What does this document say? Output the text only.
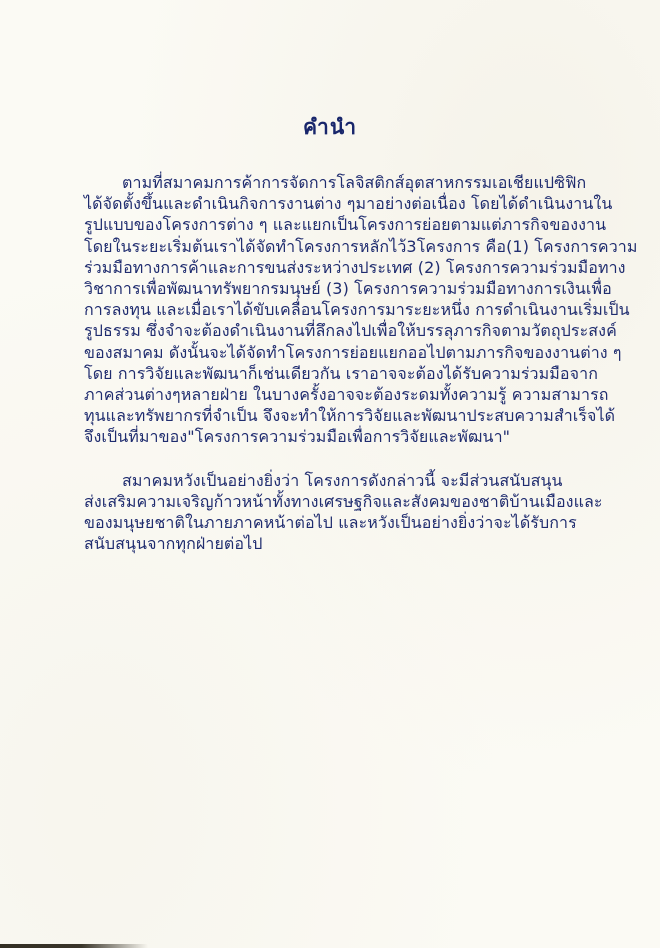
คำนำ
ตามที่สมาคมการค้าการจัดการโลจิสติกส์อุตสาหกรรมเอเชียแปซิฟิก
ได้จัดตั้งขึ้นและดำเนินกิจการงานต่าง ๆมาอย่างต่อเนื่อง โดยได้ดำเนินงานใน
รูปแบบของโครงการต่าง ๆ และแยกเป็นโครงการย่อยตามแต่ภารกิจของงาน
โดยในระยะเริ่มต้นเราได้จัดทำโครงการหลักไว้3โครงการ คือ(1) โครงการความ
ร่วมมือทางการค้าและการขนส่งระหว่างประเทศ (2) โครงการความร่วมมือทาง
วิชาการเพื่อพัฒนาทรัพยากรมนุษย์ (3) โครงการความร่วมมือทางการเงินเพื่อ
การลงทุน และเมื่อเราได้ขับเคลื่อนโครงการมาระยะหนึ่ง การดำเนินงานเริ่มเป็น
รูปธรรม ซึ่งจำจะต้องดำเนินงานที่ลึกลงไปเพื่อให้บรรลุภารกิจตามวัตถุประสงค์
ของสมาคม ดังนั้นจะได้จัดทำโครงการย่อยแยกออไปตามภารกิจของงานต่าง ๆ
โดย การวิจัยและพัฒนาก็เช่นเดียวกัน เราอาจจะต้องได้รับความร่วมมือจาก
ภาคส่วนต่างๆหลายฝ่าย ในบางครั้งอาจจะต้องระดมทั้งความรู้ ความสามารถ
ทุนและทรัพยากรที่จำเป็น จึงจะทำให้การวิจัยและพัฒนาประสบความสำเร็จได้
จึงเป็นที่มาของ"โครงการความร่วมมือเพื่อการวิจัยและพัฒนา"
สมาคมหวังเป็นอย่างยิ่งว่า โครงการดังกล่าวนี้ จะมีส่วนสนับสนุน
ส่งเสริมความเจริญก้าวหน้าทั้งทางเศรษฐกิจและสังคมของชาติบ้านเมืองและ
ของมนุษยชาติในภายภาคหน้าต่อไป และหวังเป็นอย่างยิ่งว่าจะได้รับการ
สนับสนุนจากทุกฝ่ายต่อไป
